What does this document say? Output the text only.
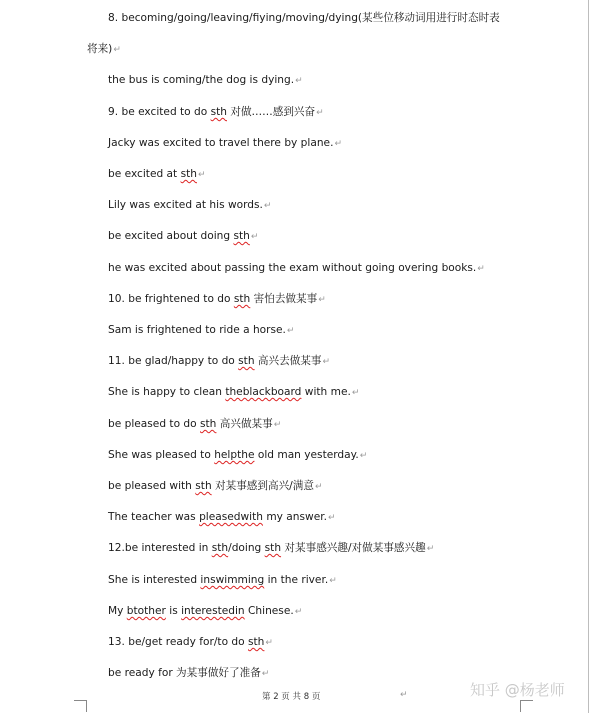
8. becoming/going/leaving/fiying/moving/dying(某些位移动词用进行时态时表
将来)↵
the bus is coming/the dog is dying.↵
9. be excited to do sth 对做……感到兴奋↵
Jacky was excited to travel there by plane.↵
be excited at sth↵
Lily was excited at his words.↵
be excited about doing sth↵
he was excited about passing the exam without going overing books.↵
10. be frightened to do sth 害怕去做某事↵
Sam is frightened to ride a horse.↵
11. be glad/happy to do sth 高兴去做某事↵
She is happy to clean theblackboard with me.↵
be pleased to do sth 高兴做某事↵
She was pleased to helpthe old man yesterday.↵
be pleased with sth 对某事感到高兴/满意↵
The teacher was pleasedwith my answer.↵
12.be interested in sth/doing sth 对某事感兴趣/对做某事感兴趣↵
She is interested inswimming in the river.↵
My btother is interestedin Chinese.↵
13. be/get ready for/to do sth↵
be ready for 为某事做好了准备↵
第 2 页 共 8 页	↵	知乎 @杨老师
